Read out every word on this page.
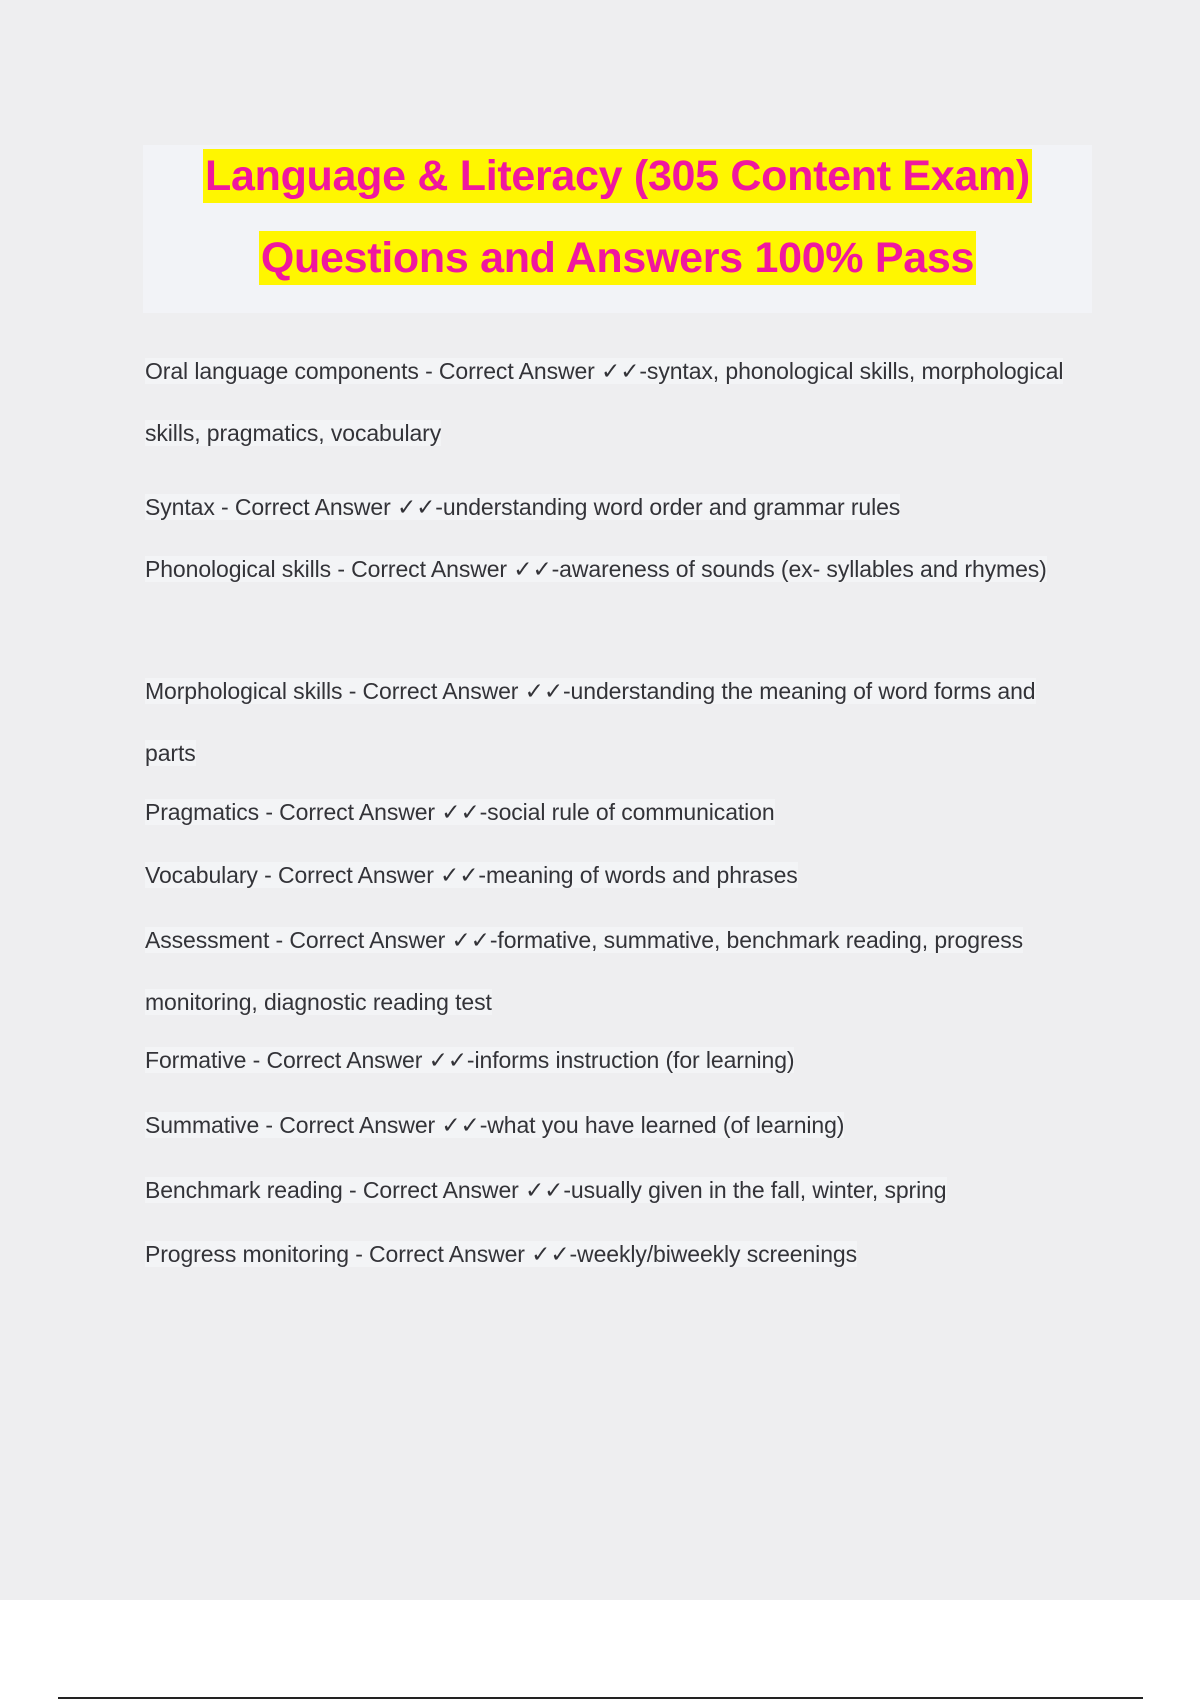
Language & Literacy (305 Content Exam)
Questions and Answers 100% Pass
Oral language components - Correct Answer ✓✓-syntax, phonological skills, morphological skills, pragmatics, vocabulary
Syntax - Correct Answer ✓✓-understanding word order and grammar rules
Phonological skills - Correct Answer ✓✓-awareness of sounds (ex- syllables and rhymes)
Morphological skills - Correct Answer ✓✓-understanding the meaning of word forms and parts
Pragmatics - Correct Answer ✓✓-social rule of communication
Vocabulary - Correct Answer ✓✓-meaning of words and phrases
Assessment - Correct Answer ✓✓-formative, summative, benchmark reading, progress monitoring, diagnostic reading test
Formative - Correct Answer ✓✓-informs instruction (for learning)
Summative - Correct Answer ✓✓-what you have learned (of learning)
Benchmark reading - Correct Answer ✓✓-usually given in the fall, winter, spring
Progress monitoring - Correct Answer ✓✓-weekly/biweekly screenings
